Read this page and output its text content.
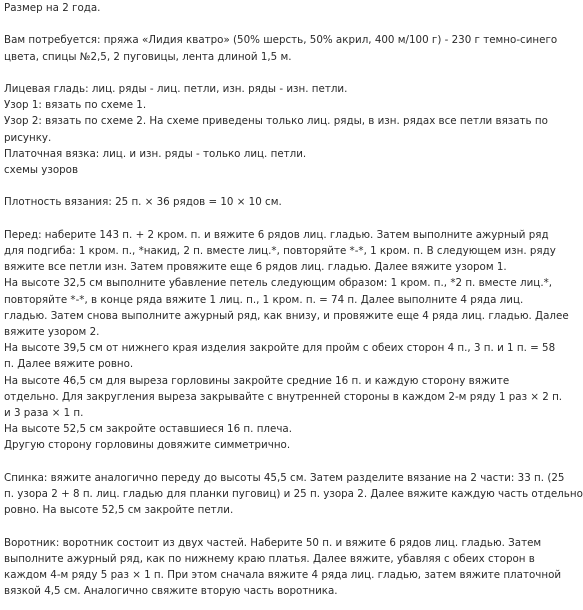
Размер на 2 года.
Вам потребуется: пряжа «Лидия кватро» (50% шерсть, 50% акрил, 400 м/100 г) - 230 г темно-синего
цвета, спицы №2,5, 2 пуговицы, лента длиной 1,5 м.
Лицевая гладь: лиц. ряды - лиц. петли, изн. ряды - изн. петли.
Узор 1: вязать по схеме 1.
Узор 2: вязать по схеме 2. На схеме приведены только лиц. ряды, в изн. рядах все петли вязать по
рисунку.
Платочная вязка: лиц. и изн. ряды - только лиц. петли.
схемы узоров
Плотность вязания: 25 п. × 36 рядов = 10 × 10 см.
Перед: наберите 143 п. + 2 кром. п. и вяжите 6 рядов лиц. гладью. Затем выполните ажурный ряд
для подгиба: 1 кром. п., *накид, 2 п. вместе лиц.*, повторяйте *-*, 1 кром. п. В следующем изн. ряду
вяжите все петли изн. Затем провяжите еще 6 рядов лиц. гладью. Далее вяжите узором 1.
На высоте 32,5 см выполните убавление петель следующим образом: 1 кром. п., *2 п. вместе лиц.*,
повторяйте *-*, в конце ряда вяжите 1 лиц. п., 1 кром. п. = 74 п. Далее выполните 4 ряда лиц.
гладью. Затем снова выполните ажурный ряд, как внизу, и провяжите еще 4 ряда лиц. гладью. Далее
вяжите узором 2.
На высоте 39,5 см от нижнего края изделия закройте для пройм с обеих сторон 4 п., 3 п. и 1 п. = 58
п. Далее вяжите ровно.
На высоте 46,5 см для выреза горловины закройте средние 16 п. и каждую сторону вяжите
отдельно. Для закругления выреза закрывайте с внутренней стороны в каждом 2-м ряду 1 раз × 2 п.
и 3 раза × 1 п.
На высоте 52,5 см закройте оставшиеся 16 п. плеча.
Другую сторону горловины довяжите симметрично.
Спинка: вяжите аналогично переду до высоты 45,5 см. Затем разделите вязание на 2 части: 33 п. (25
п. узора 2 + 8 п. лиц. гладью для планки пуговиц) и 25 п. узора 2. Далее вяжите каждую часть отдельно
ровно. На высоте 52,5 см закройте петли.
Воротник: воротник состоит из двух частей. Наберите 50 п. и вяжите 6 рядов лиц. гладью. Затем
выполните ажурный ряд, как по нижнему краю платья. Далее вяжите, убавляя с обеих сторон в
каждом 4-м ряду 5 раз × 1 п. При этом сначала вяжите 4 ряда лиц. гладью, затем вяжите платочной
вязкой 4,5 см. Аналогично свяжите вторую часть воротника.
